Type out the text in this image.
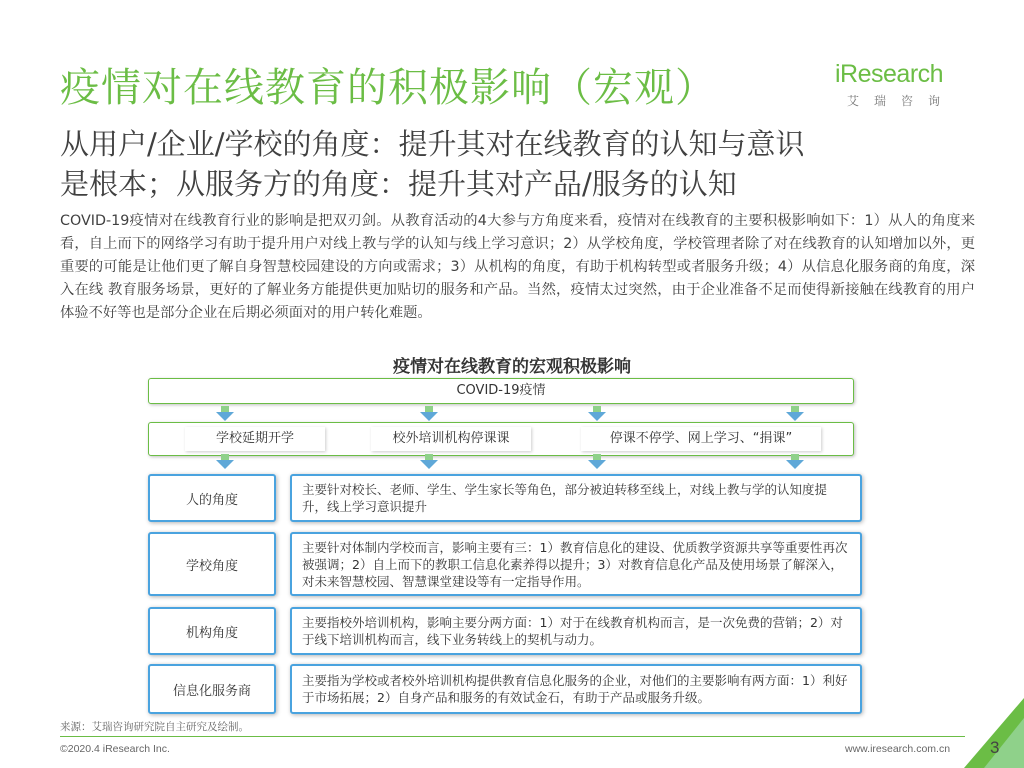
疫情对在线教育的积极影响（宏观）	iResearch
艾瑞咨询
从用户/企业/学校的角度：提升其对在线教育的认知与意识
是根本；从服务方的角度：提升其对产品/服务的认知
COVID-19疫情对在线教育行业的影响是把双刃剑。从教育活动的4大参与方角度来看，疫情对在线教育的主要积极影响如下：1）从人的角度来看，自上而下的网络学习有助于提升用户对线上教与学的认知与线上学习意识；2）从学校角度，学校管理者除了对在线教育的认知增加以外，更重要的可能是让他们更了解自身智慧校园建设的方向或需求；3）从机构的角度，有助于机构转型或者服务升级；4）从信息化服务商的角度，深入在线 教育服务场景，更好的了解业务方能提供更加贴切的服务和产品。当然，疫情太过突然，由于企业准备不足而使得新接触在线教育的用户体验不好等也是部分企业在后期必须面对的用户转化难题。
疫情对在线教育的宏观积极影响
COVID-19疫情
学校延期开学	校外培训机构停课课	停课不停学、网上学习、“捐课”
人的角度
主要针对校长、老师、学生、学生家长等角色，部分被迫转移至线上，对线上教与学的认知度提升，线上学习意识提升
学校角度
主要针对体制内学校而言，影响主要有三：1）教育信息化的建设、优质教学资源共享等重要性再次被强调；2）自上而下的教职工信息化素养得以提升；3）对教育信息化产品及使用场景了解深入，对未来智慧校园、智慧课堂建设等有一定指导作用。
机构角度
主要指校外培训机构，影响主要分两方面：1）对于在线教育机构而言，是一次免费的营销；2）对于线下培训机构而言，线下业务转线上的契机与动力。
信息化服务商
主要指为学校或者校外培训机构提供教育信息化服务的企业，对他们的主要影响有两方面：1）利好于市场拓展；2）自身产品和服务的有效试金石，有助于产品或服务升级。
来源：艾瑞咨询研究院自主研究及绘制。
©2020.4 iResearch Inc.	www.iresearch.com.cn 3
